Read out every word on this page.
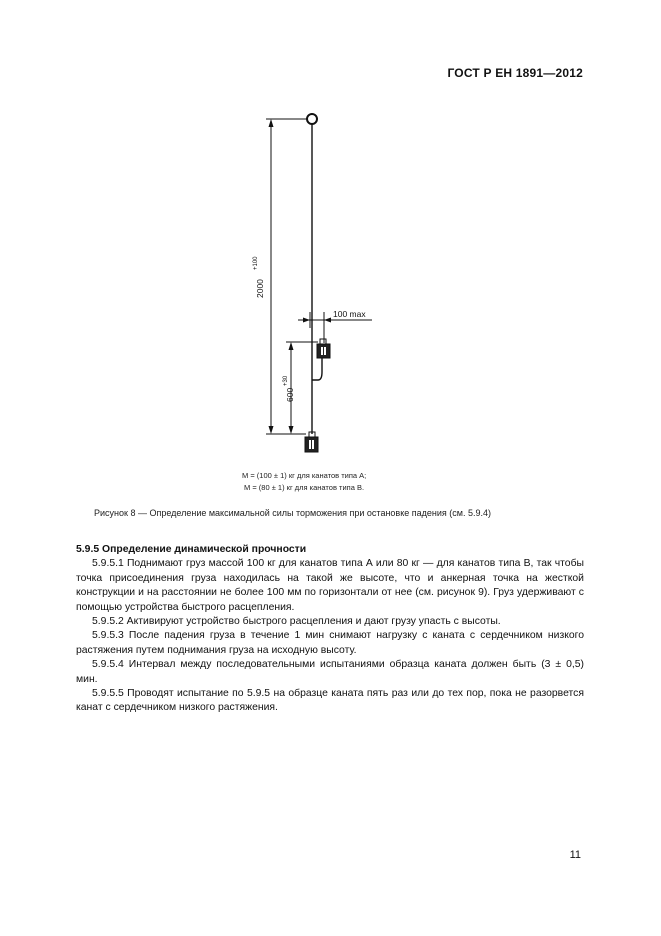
ГОСТ Р ЕН 1891—2012
2000
+100
100 max
600
+30
M = (100 ± 1) кг для канатов типа А;
M = (80 ± 1) кг для канатов типа В.
Рисунок 8 — Определение максимальной силы торможения при остановке падения (см. 5.9.4)

5.9.5 Определение динамической прочности

5.9.5.1 Поднимают груз массой 100 кг для канатов типа А или 80 кг — для канатов типа В, так чтобы точка присоединения груза находилась на такой же высоте, что и анкерная точка на жесткой конструкции и на расстоянии не более 100 мм по горизонтали от нее (см. рисунок 9). Груз удерживают с помощью устройства быстрого расцепления.

5.9.5.2 Активируют устройство быстрого расцепления и дают грузу упасть с высоты.

5.9.5.3 После падения груза в течение 1 мин снимают нагрузку с каната с сердечником низкого растяжения путем поднимания груза на исходную высоту.

5.9.5.4 Интервал между последовательными испытаниями образца каната должен быть (3 ± 0,5) мин.

5.9.5.5 Проводят испытание по 5.9.5 на образце каната пять раз или до тех пор, пока не разорвется канат с сердечником низкого растяжения.

11
